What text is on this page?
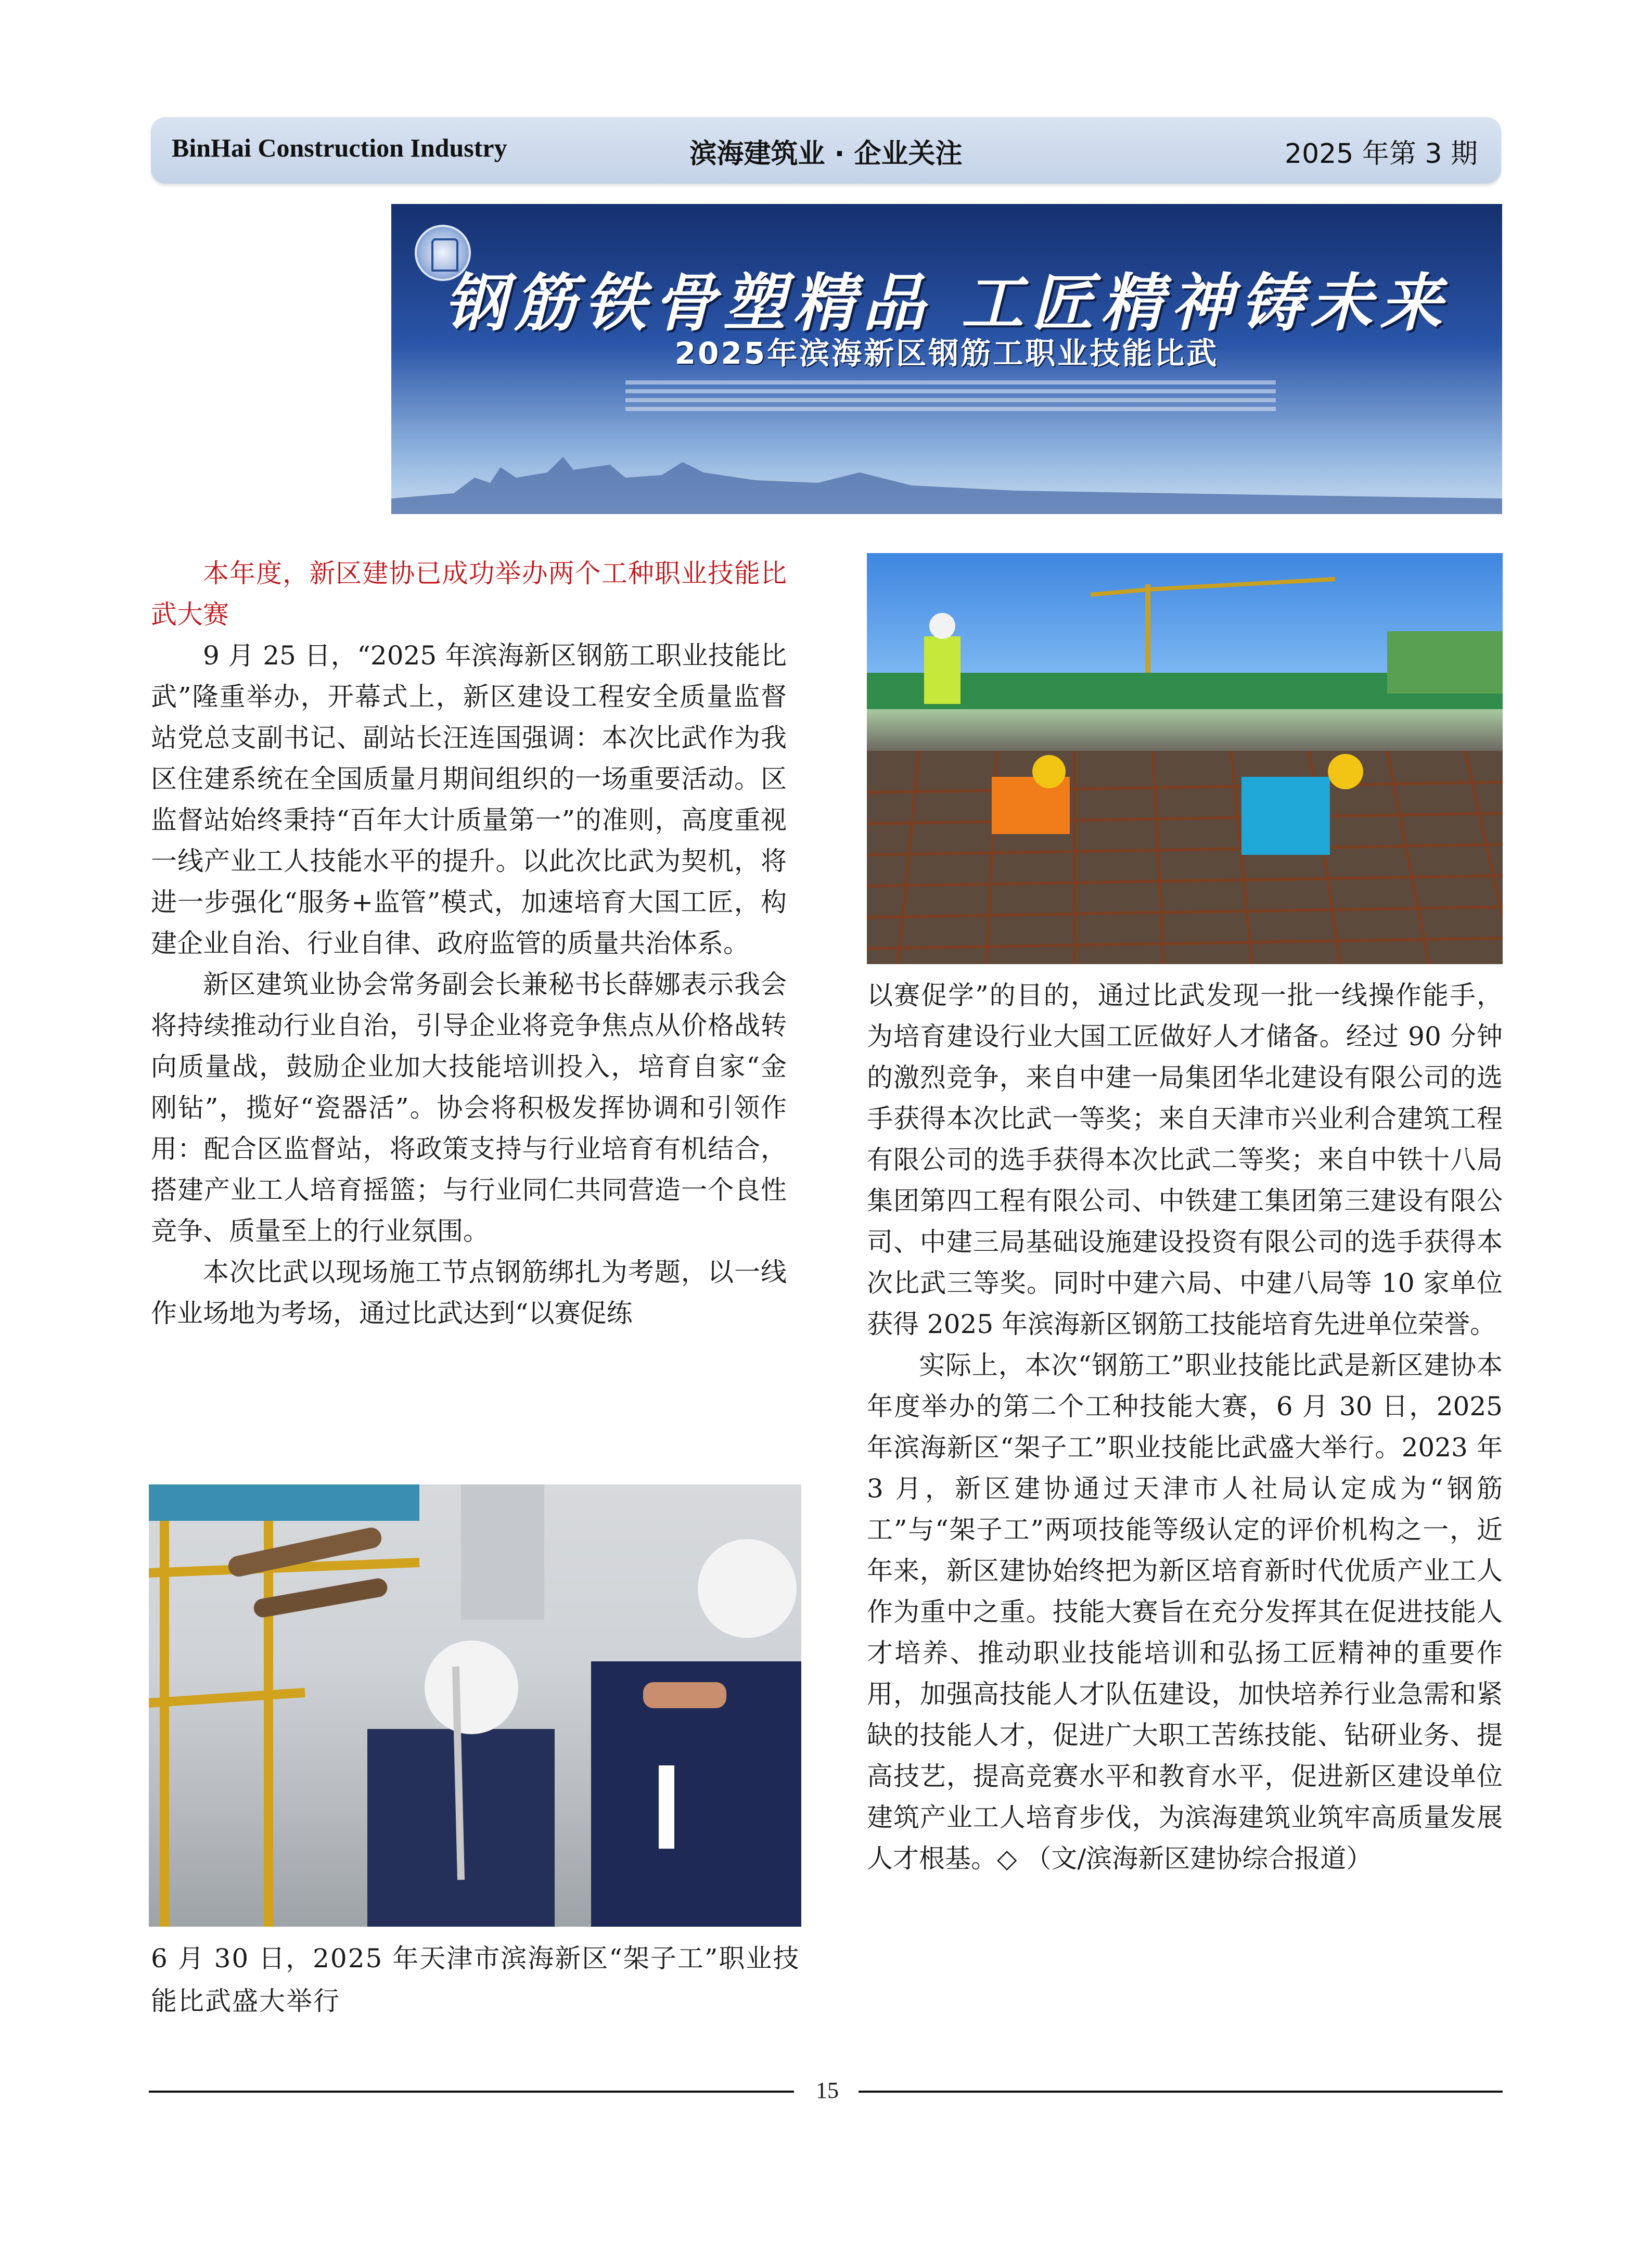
BinHai Construction Industry	滨海建筑业 · 企业关注	2025 年第 3 期
钢筋铁骨塑精品 工匠精神铸未来
2025年滨海新区钢筋工职业技能比武

本年度，新区建协已成功举办两个工种职业技能比武大赛

9 月 25 日，“2025 年滨海新区钢筋工职业技能比武”隆重举办，开幕式上，新区建设工程安全质量监督站党总支副书记、副站长汪连国强调：本次比武作为我区住建系统在全国质量月期间组织的一场重要活动。区监督站始终秉持“百年大计质量第一”的准则，高度重视一线产业工人技能水平的提升。以此次比武为契机，将进一步强化“服务+监管”模式，加速培育大国工匠，构建企业自治、行业自律、政府监管的质量共治体系。

新区建筑业协会常务副会长兼秘书长薛娜表示我会将持续推动行业自治，引导企业将竞争焦点从价格战转向质量战，鼓励企业加大技能培训投入，培育自家“金刚钻”，揽好“瓷器活”。协会将积极发挥协调和引领作用：配合区监督站，将政策支持与行业培育有机结合，搭建产业工人培育摇篮；与行业同仁共同营造一个良性竞争、质量至上的行业氛围。

本次比武以现场施工节点钢筋绑扎为考题，以一线作业场地为考场，通过比武达到“以赛促练

以赛促学”的目的，通过比武发现一批一线操作能手，为培育建设行业大国工匠做好人才储备。经过 90 分钟的激烈竞争，来自中建一局集团华北建设有限公司的选手获得本次比武一等奖；来自天津市兴业利合建筑工程有限公司的选手获得本次比武二等奖；来自中铁十八局集团第四工程有限公司、中铁建工集团第三建设有限公司、中建三局基础设施建设投资有限公司的选手获得本次比武三等奖。同时中建六局、中建八局等 10 家单位获得 2025 年滨海新区钢筋工技能培育先进单位荣誉。

实际上，本次“钢筋工”职业技能比武是新区建协本年度举办的第二个工种技能大赛，6 月 30 日，2025 年滨海新区“架子工”职业技能比武盛大举行。2023 年 3 月，新区建协通过天津市人社局认定成为“钢筋工”与“架子工”两项技能等级认定的评价机构之一，近年来，新区建协始终把为新区培育新时代优质产业工人作为重中之重。技能大赛旨在充分发挥其在促进技能人才培养、推动职业技能培训和弘扬工匠精神的重要作用，加强高技能人才队伍建设，加快培养行业急需和紧缺的技能人才，促进广大职工苦练技能、钻研业务、提高技艺，提高竞赛水平和教育水平，促进新区建设单位建筑产业工人培育步伐，为滨海建筑业筑牢高质量发展人才根基。◇ （文/滨海新区建协综合报道）

6 月 30 日，2025 年天津市滨海新区“架子工”职业技能比武盛大举行
15
